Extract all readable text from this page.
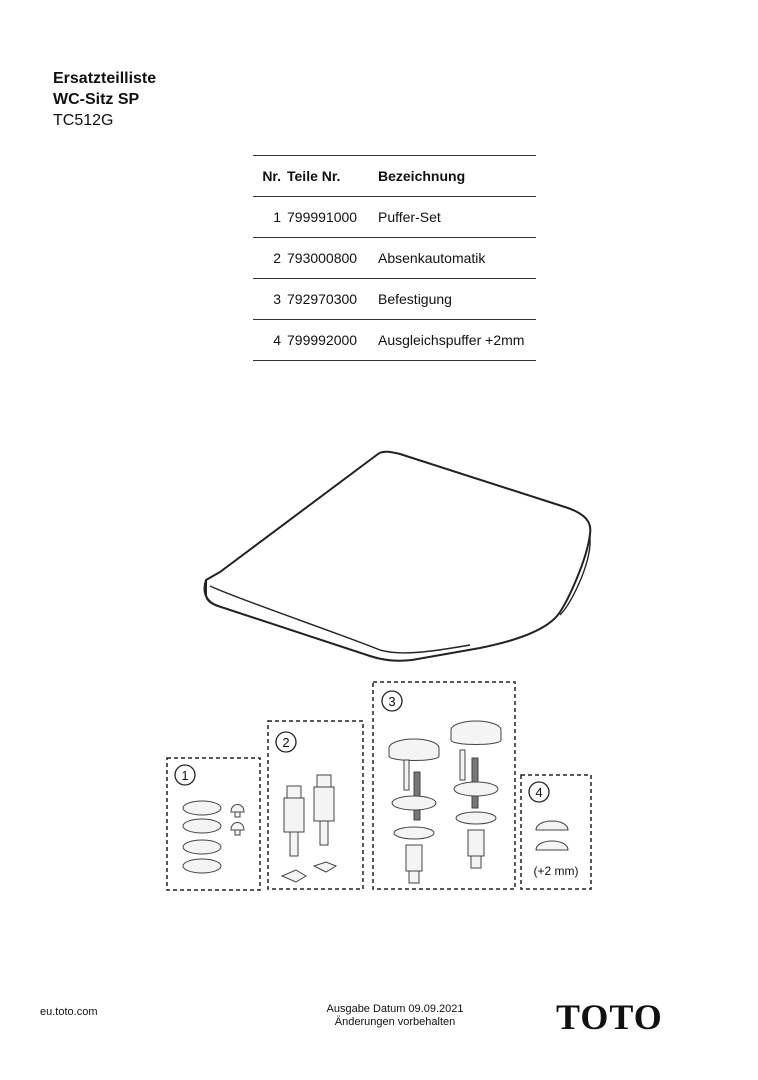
Ersatzteilliste
WC-Sitz SP
TC512G
Nr.	Teile Nr.	Bezeichnung
1	799991000	Puffer-Set
2	793000800	Absenkautomatik
3	792970300	Befestigung
4	799992000	Ausgleichspuffer +2mm
1
2
3
4
(+2 mm)
eu.toto.com	Ausgabe Datum 09.09.2021
Änderungen vorbehalten	TOTO
